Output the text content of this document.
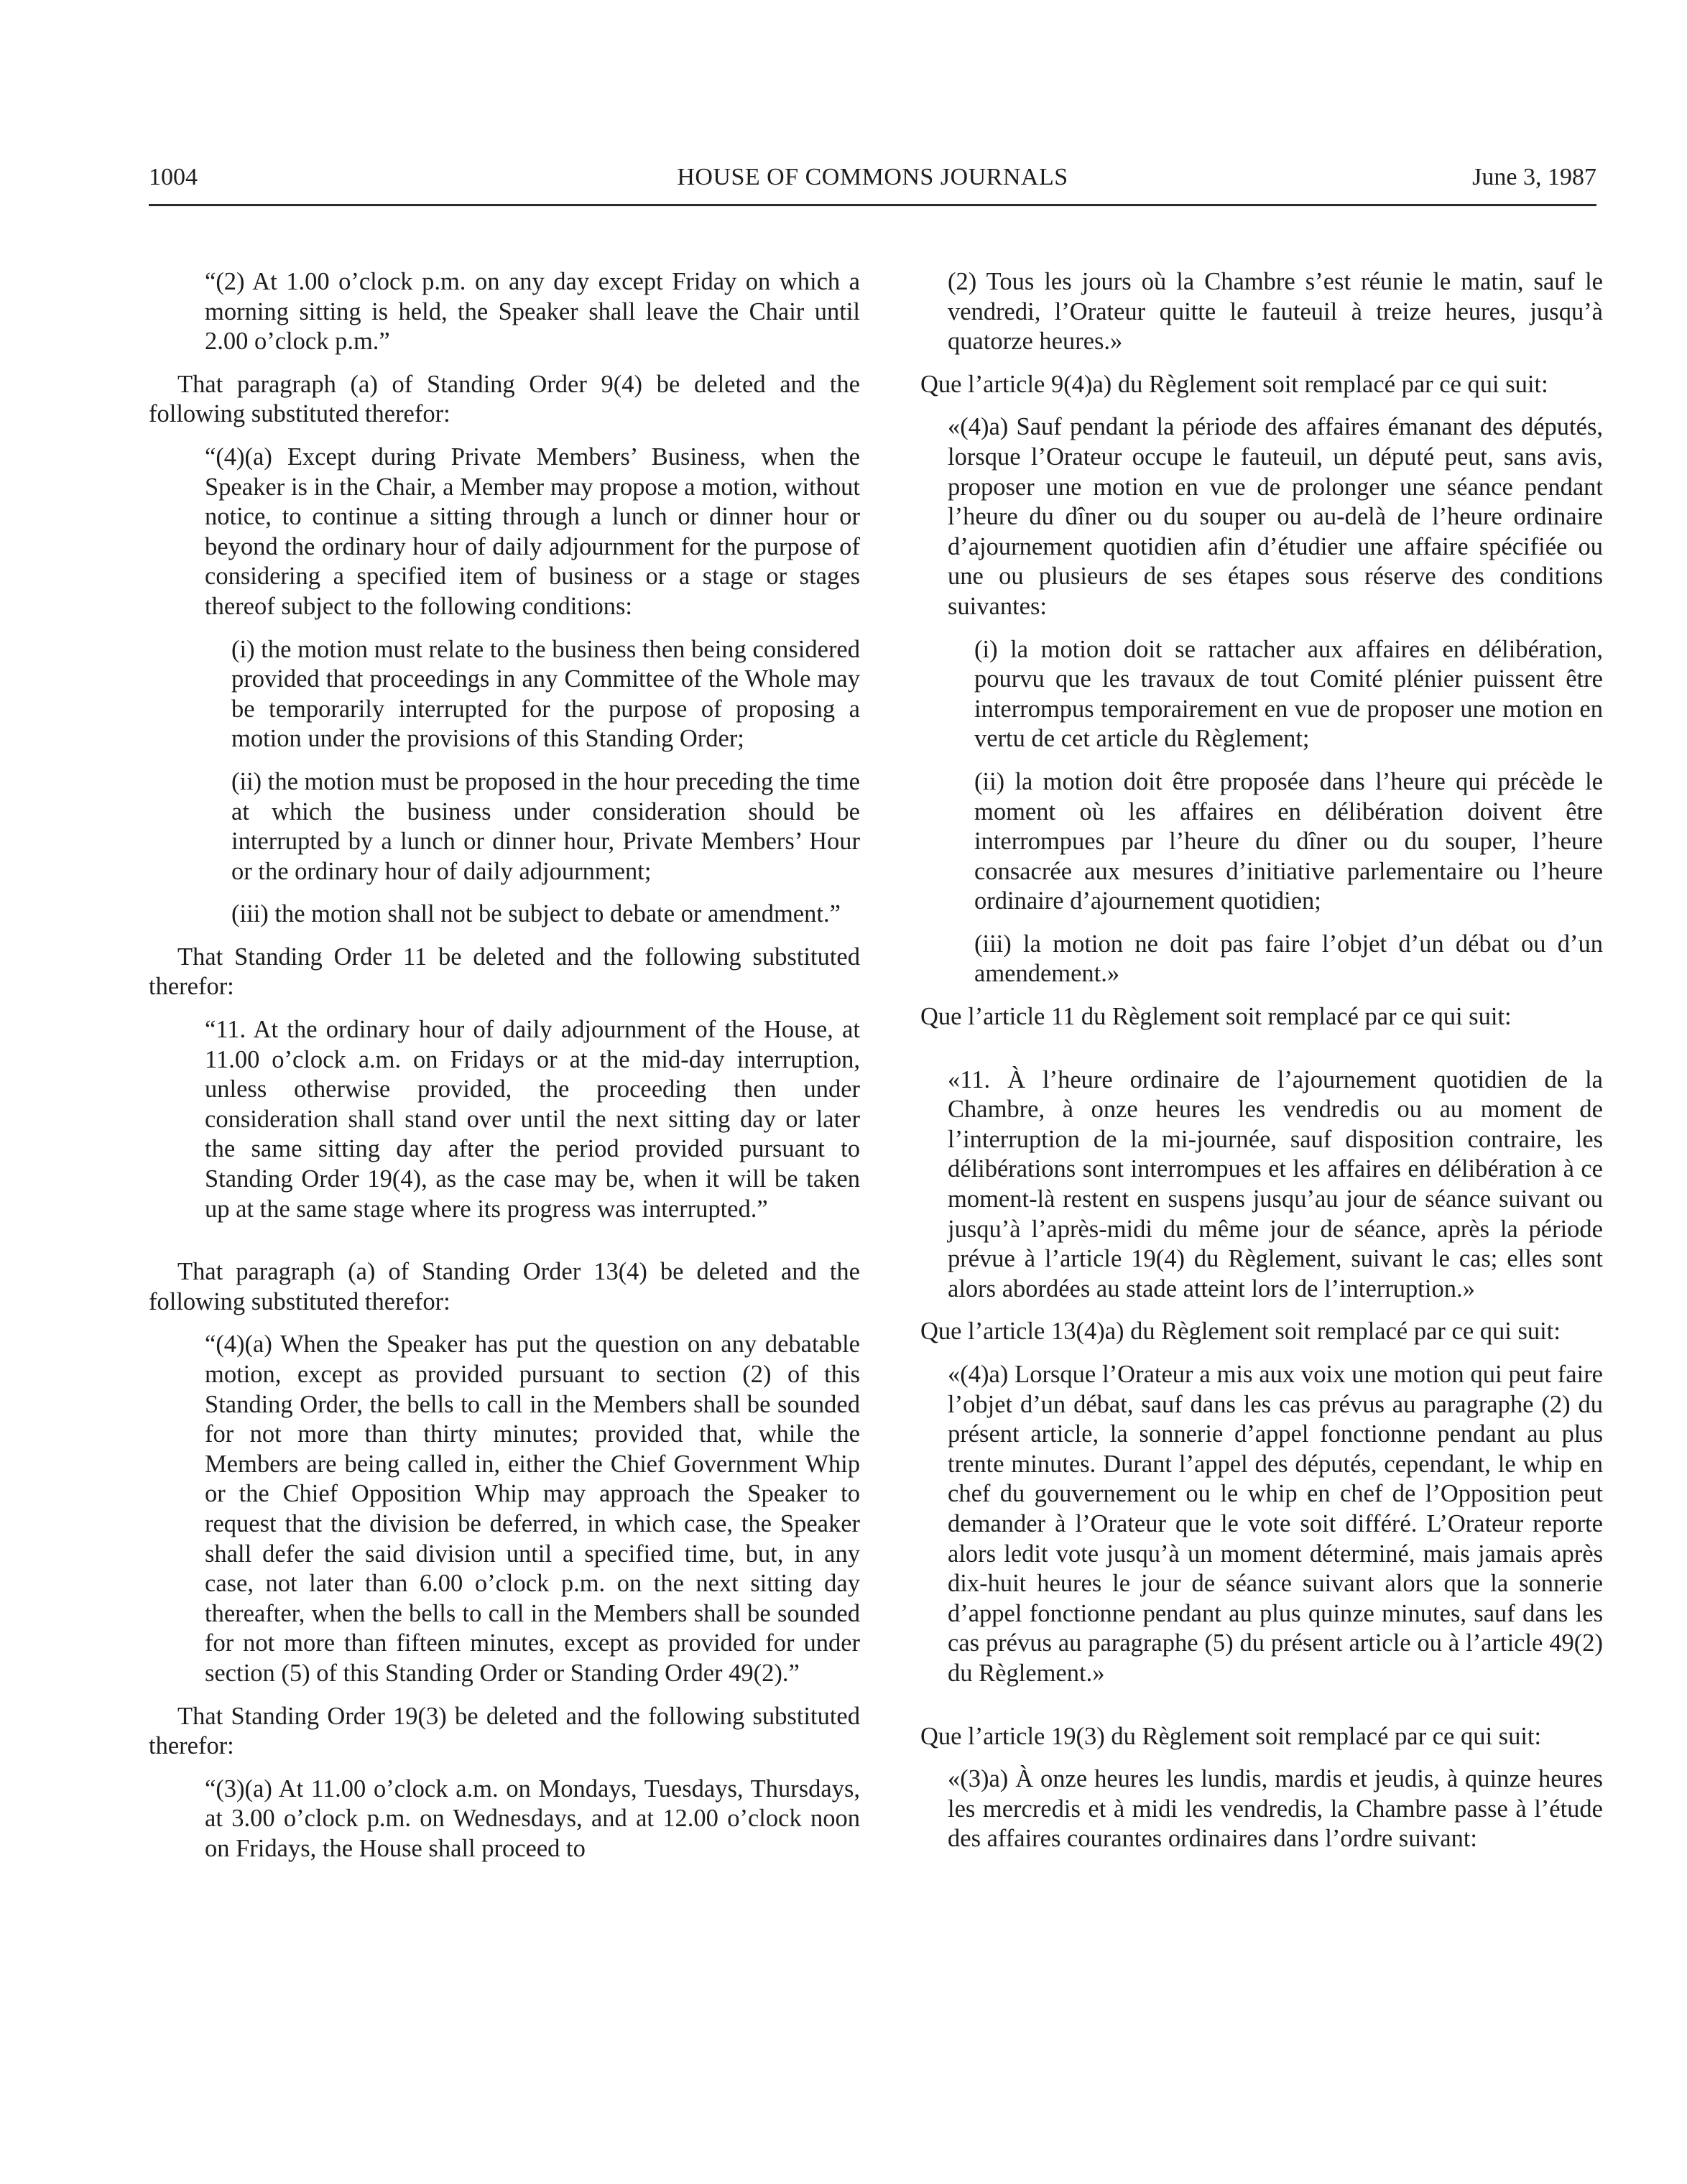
1004	HOUSE OF COMMONS JOURNALS	June 3, 1987

“(2) At 1.00 o’clock p.m. on any day except Friday on which a morning sitting is held, the Speaker shall leave the Chair until 2.00 o’clock p.m.”

That paragraph (a) of Standing Order 9(4) be deleted and the following substituted therefor:

“(4)(a) Except during Private Members’ Business, when the Speaker is in the Chair, a Member may propose a motion, without notice, to continue a sitting through a lunch or dinner hour or beyond the ordinary hour of daily adjournment for the purpose of considering a specified item of business or a stage or stages thereof subject to the following conditions:

(i) the motion must relate to the business then being considered provided that proceedings in any Committee of the Whole may be temporarily interrupted for the purpose of proposing a motion under the provisions of this Standing Order;

(ii) the motion must be proposed in the hour preceding the time at which the business under consideration should be interrupted by a lunch or dinner hour, Private Members’ Hour or the ordinary hour of daily adjournment;

(iii) the motion shall not be subject to debate or amendment.”

That Standing Order 11 be deleted and the following substituted therefor:

“11. At the ordinary hour of daily adjournment of the House, at 11.00 o’clock a.m. on Fridays or at the mid-day interruption, unless otherwise provided, the proceeding then under consideration shall stand over until the next sitting day or later the same sitting day after the period provided pursuant to Standing Order 19(4), as the case may be, when it will be taken up at the same stage where its progress was interrupted.”

That paragraph (a) of Standing Order 13(4) be deleted and the following substituted therefor:

“(4)(a) When the Speaker has put the question on any debatable motion, except as provided pursuant to section (2) of this Standing Order, the bells to call in the Members shall be sounded for not more than thirty minutes; provided that, while the Members are being called in, either the Chief Government Whip or the Chief Opposition Whip may approach the Speaker to request that the division be deferred, in which case, the Speaker shall defer the said division until a specified time, but, in any case, not later than 6.00 o’clock p.m. on the next sitting day thereafter, when the bells to call in the Members shall be sounded for not more than fifteen minutes, except as provided for under section (5) of this Standing Order or Standing Order 49(2).”

That Standing Order 19(3) be deleted and the following substituted therefor:

“(3)(a) At 11.00 o’clock a.m. on Mondays, Tuesdays, Thursdays, at 3.00 o’clock p.m. on Wednesdays, and at 12.00 o’clock noon on Fridays, the House shall proceed to

(2) Tous les jours où la Chambre s’est réunie le matin, sauf le vendredi, l’Orateur quitte le fauteuil à treize heures, jusqu’à quatorze heures.»

Que l’article 9(4)a) du Règlement soit remplacé par ce qui suit:

«(4)a) Sauf pendant la période des affaires émanant des députés, lorsque l’Orateur occupe le fauteuil, un député peut, sans avis, proposer une motion en vue de prolonger une séance pendant l’heure du dîner ou du souper ou au-delà de l’heure ordinaire d’ajournement quotidien afin d’étudier une affaire spécifiée ou une ou plusieurs de ses étapes sous réserve des conditions suivantes:

(i) la motion doit se rattacher aux affaires en délibération, pourvu que les travaux de tout Comité plénier puissent être interrompus temporairement en vue de proposer une motion en vertu de cet article du Règlement;

(ii) la motion doit être proposée dans l’heure qui précède le moment où les affaires en délibération doivent être interrompues par l’heure du dîner ou du souper, l’heure consacrée aux mesures d’initiative parlementaire ou l’heure ordinaire d’ajournement quotidien;

(iii) la motion ne doit pas faire l’objet d’un débat ou d’un amendement.»

Que l’article 11 du Règlement soit remplacé par ce qui suit:

«11. À l’heure ordinaire de l’ajournement quotidien de la Chambre, à onze heures les vendredis ou au moment de l’interruption de la mi-journée, sauf disposition contraire, les délibérations sont interrompues et les affaires en délibération à ce moment-là restent en suspens jusqu’au jour de séance suivant ou jusqu’à l’après-midi du même jour de séance, après la période prévue à l’article 19(4) du Règlement, suivant le cas; elles sont alors abordées au stade atteint lors de l’interruption.»

Que l’article 13(4)a) du Règlement soit remplacé par ce qui suit:

«(4)a) Lorsque l’Orateur a mis aux voix une motion qui peut faire l’objet d’un débat, sauf dans les cas prévus au paragraphe (2) du présent article, la sonnerie d’appel fonctionne pendant au plus trente minutes. Durant l’appel des députés, cependant, le whip en chef du gouvernement ou le whip en chef de l’Opposition peut demander à l’Orateur que le vote soit différé. L’Orateur reporte alors ledit vote jusqu’à un moment déterminé, mais jamais après dix-huit heures le jour de séance suivant alors que la sonnerie d’appel fonctionne pendant au plus quinze minutes, sauf dans les cas prévus au paragraphe (5) du présent article ou à l’article 49(2) du Règlement.»

Que l’article 19(3) du Règlement soit remplacé par ce qui suit:

«(3)a) À onze heures les lundis, mardis et jeudis, à quinze heures les mercredis et à midi les vendredis, la Chambre passe à l’étude des affaires courantes ordinaires dans l’ordre suivant:
